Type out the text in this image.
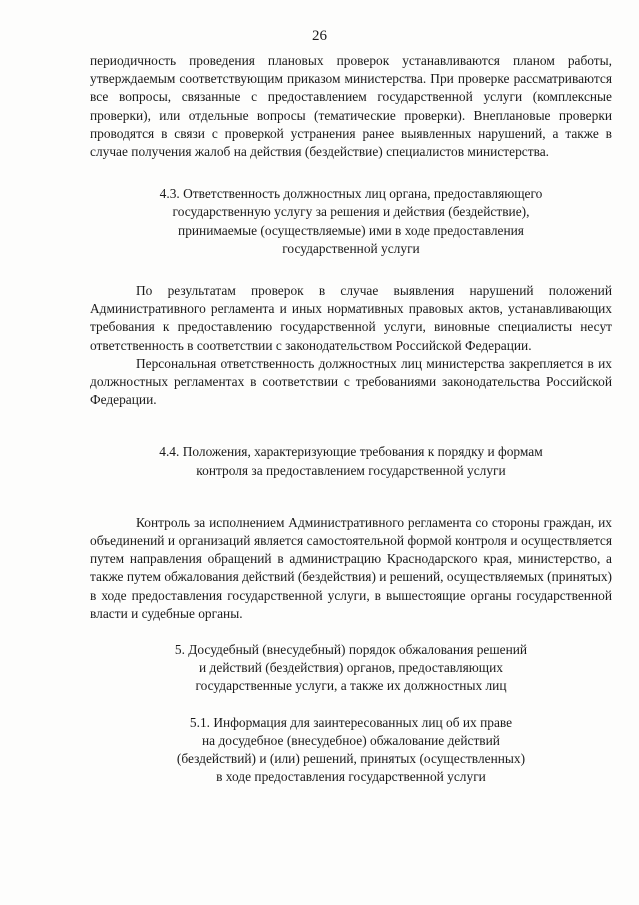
26

периодичность проведения плановых проверок устанавливаются планом работы, утверждаемым соответствующим приказом министерства. При проверке рассматриваются все вопросы, связанные с предоставлением государственной услуги (комплексные проверки), или отдельные вопросы (тематические проверки). Внеплановые проверки проводятся в связи с проверкой устранения ранее выявленных нарушений, а также в случае получения жалоб на действия (бездействие) специалистов министерства.

4.3. Ответственность должностных лиц органа, предоставляющего
государственную услугу за решения и действия (бездействие),
принимаемые (осуществляемые) ими в ходе предоставления
государственной услуги

По результатам проверок в случае выявления нарушений положений Административного регламента и иных нормативных правовых актов, устанавливающих требования к предоставлению государственной услуги, виновные специалисты несут ответственность в соответствии с законодательством Российской Федерации.

Персональная ответственность должностных лиц министерства закрепляется в их должностных регламентах в соответствии с требованиями законодательства Российской Федерации.

4.4. Положения, характеризующие требования к порядку и формам
контроля за предоставлением государственной услуги

Контроль за исполнением Административного регламента со стороны граждан, их объединений и организаций является самостоятельной формой контроля и осуществляется путем направления обращений в администрацию Краснодарского края, министерство, а также путем обжалования действий (бездействия) и решений, осуществляемых (принятых) в ходе предоставления государственной услуги, в вышестоящие органы государственной власти и судебные органы.

5. Досудебный (внесудебный) порядок обжалования решений
и действий (бездействия) органов, предоставляющих
государственные услуги, а также их должностных лиц
5.1. Информация для заинтересованных лиц об их праве
на досудебное (внесудебное) обжалование действий
(бездействий) и (или) решений, принятых (осуществленных)
в ходе предоставления государственной услуги
